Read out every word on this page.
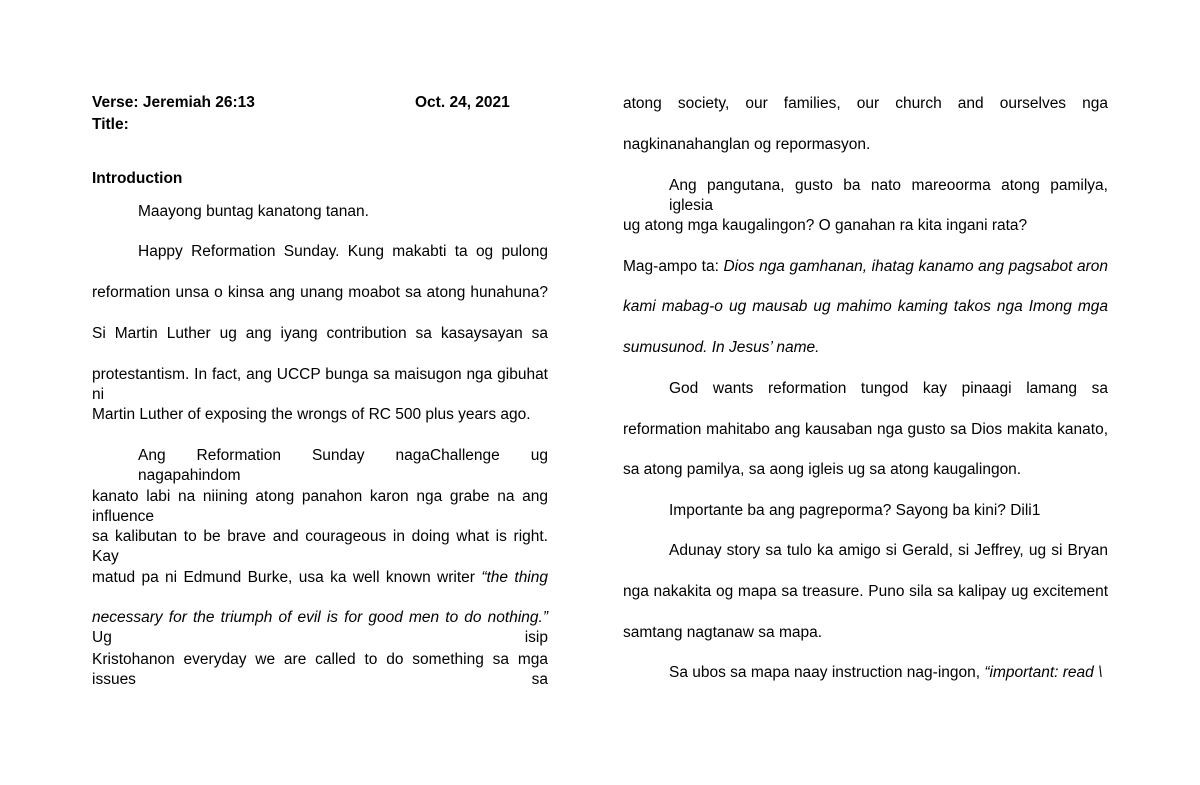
Verse: Jeremiah 26:13
Title:
Introduction
Maayong buntag kanatong tanan.
Happy Reformation Sunday. Kung makabti ta og pulong
reformation unsa o kinsa ang unang moabot sa atong hunahuna?
Si Martin Luther ug ang iyang contribution sa kasaysayan sa
protestantism. In fact, ang UCCP bunga sa maisugon nga gibuhat ni
Martin Luther of exposing the wrongs of RC 500 plus years ago.
Ang Reformation Sunday nagaChallenge ug nagapahindom
kanato labi na niining atong panahon karon nga grabe na ang influence
sa kalibutan to be brave and courageous in doing what is right. Kay
matud pa ni Edmund Burke, usa ka well known writer “the thing
necessary for the triumph of evil is for good men to do nothing.” Ug isip
Kristohanon everyday we are called to do something sa mga issues sa
Oct. 24, 2021	atong society, our families, our church and ourselves nga
nagkinanahanglan og repormasyon.
Ang pangutana, gusto ba nato mareoorma atong pamilya, iglesia
ug atong mga kaugalingon? O ganahan ra kita ingani rata?
Mag-ampo ta: Dios nga gamhanan, ihatag kanamo ang pagsabot aron
kami mabag-o ug mausab ug mahimo kaming takos nga Imong mga
sumusunod. In Jesus’ name.
God wants reformation tungod kay pinaagi lamang sa
reformation mahitabo ang kausaban nga gusto sa Dios makita kanato,
sa atong pamilya, sa aong igleis ug sa atong kaugalingon.
Importante ba ang pagreporma? Sayong ba kini? Dili1
Adunay story sa tulo ka amigo si Gerald, si Jeffrey, ug si Bryan
nga nakakita og mapa sa treasure. Puno sila sa kalipay ug excitement
samtang nagtanaw sa mapa.
Sa ubos sa mapa naay instruction nag-ingon, “important: read \
